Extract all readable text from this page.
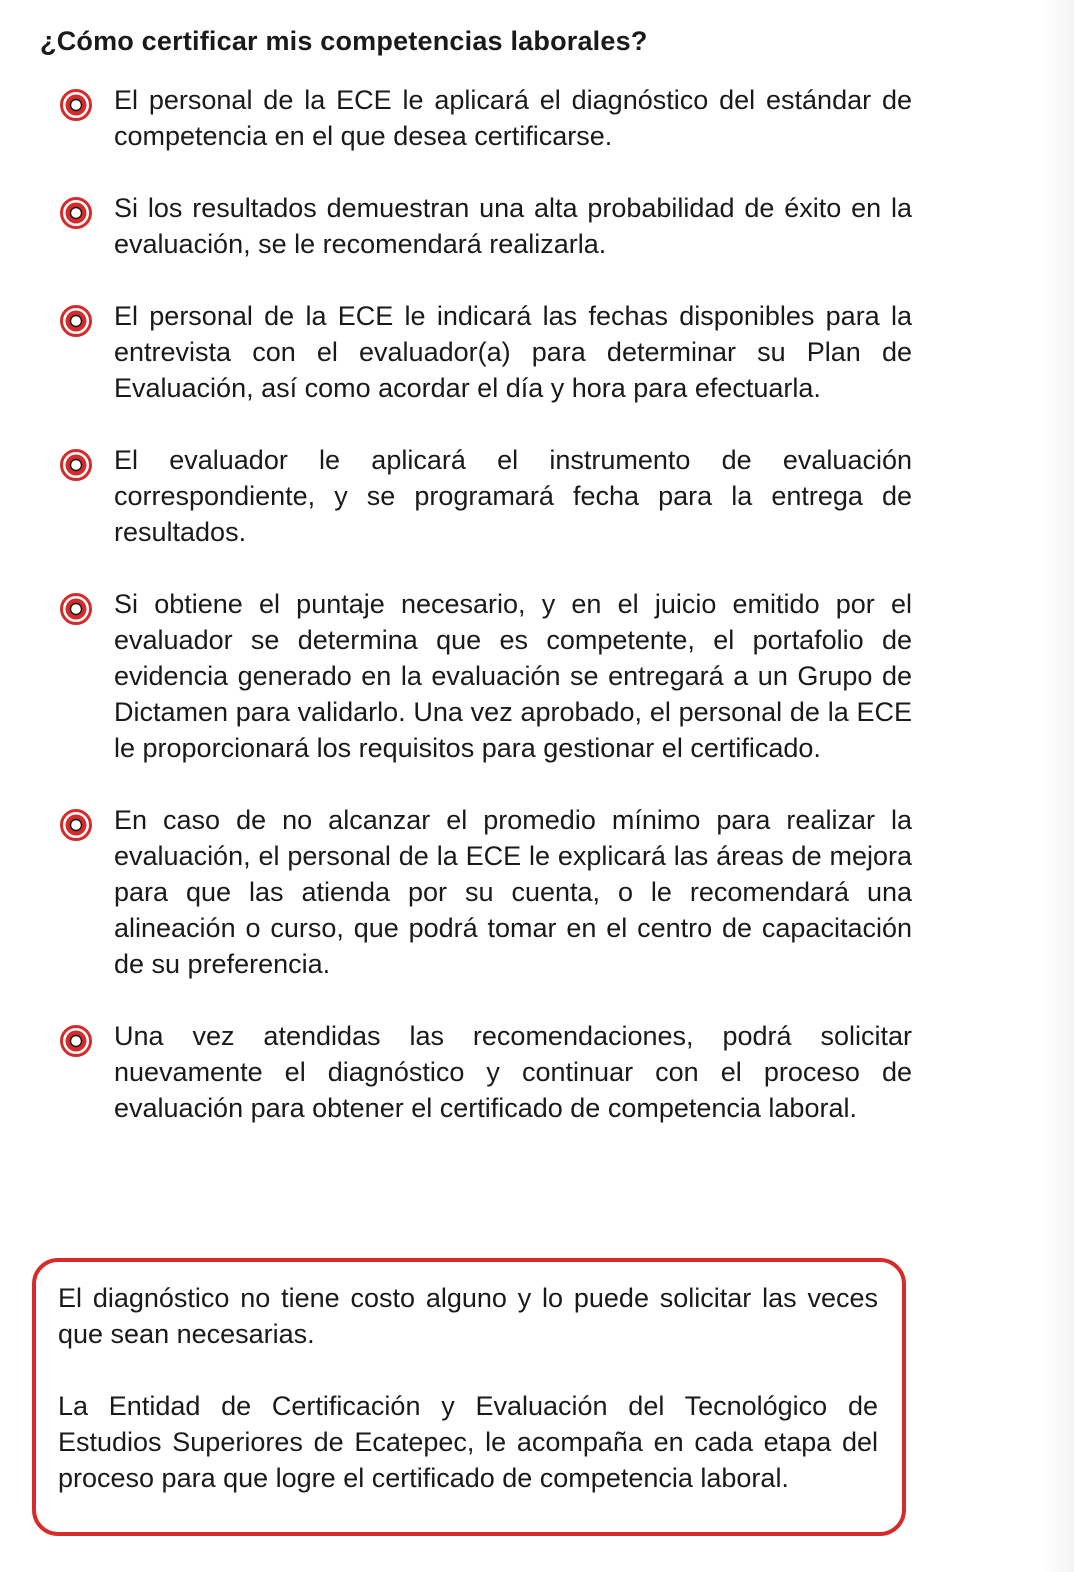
¿Cómo certificar mis competencias laborales?
El personal de la ECE le aplicará el diagnóstico del estándar de competencia en el que desea certificarse.
Si los resultados demuestran una alta probabilidad de éxito en la evaluación, se le recomendará realizarla.
El personal de la ECE le indicará las fechas disponibles para la entrevista con el evaluador(a) para determinar su Plan de Evaluación, así como acordar el día y hora para efectuarla.
El evaluador le aplicará el instrumento de evaluación correspondiente, y se programará fecha para la entrega de resultados.
Si obtiene el puntaje necesario, y en el juicio emitido por el evaluador se determina que es competente, el portafolio de evidencia generado en la evaluación se entregará a un Grupo de Dictamen para validarlo. Una vez aprobado, el personal de la ECE le proporcionará los requisitos para gestionar el certificado.
En caso de no alcanzar el promedio mínimo para realizar la evaluación, el personal de la ECE le explicará las áreas de mejora para que las atienda por su cuenta, o le recomendará una alineación o curso, que podrá tomar en el centro de capacitación de su preferencia.
Una vez atendidas las recomendaciones, podrá solicitar nuevamente el diagnóstico y continuar con el proceso de evaluación para obtener el certificado de competencia laboral.

El diagnóstico no tiene costo alguno y lo puede solicitar las veces que sean necesarias.

La Entidad de Certificación y Evaluación del Tecnológico de Estudios Superiores de Ecatepec, le acompaña en cada etapa del proceso para que logre el certificado de competencia laboral.
